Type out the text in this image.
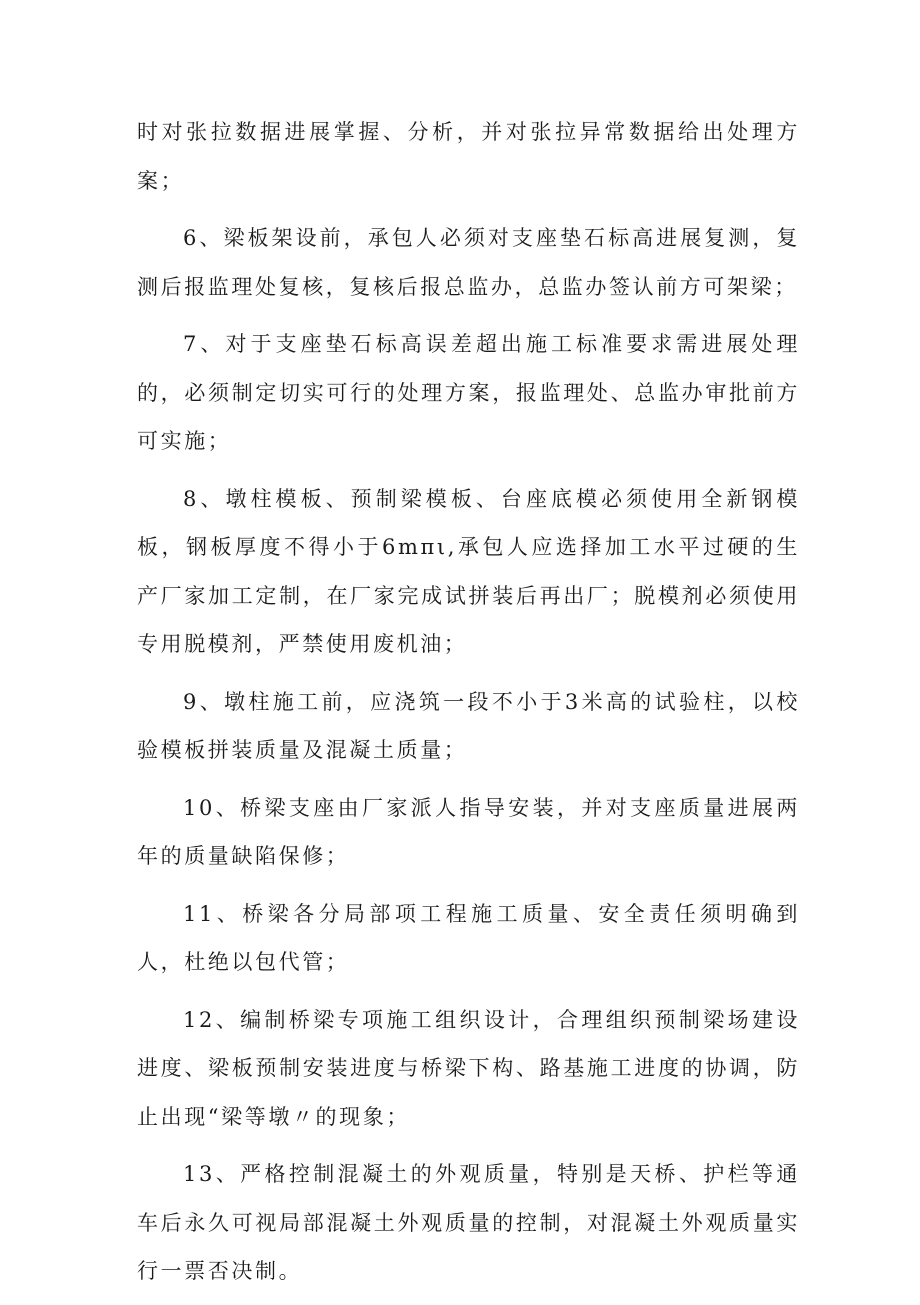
时对张拉数据进展掌握、分析，并对张拉异常数据给出处理方案；

6、梁板架设前，承包人必须对支座垫石标高进展复测，复测后报监理处复核，复核后报总监办，总监办签认前方可架梁；

7、对于支座垫石标高误差超出施工标准要求需进展处理的，必须制定切实可行的处理方案，报监理处、总监办审批前方可实施；

8、墩柱模板、预制梁模板、台座底模必须使用全新钢模板，钢板厚度不得小于6mπι,承包人应选择加工水平过硬的生产厂家加工定制，在厂家完成试拼装后再出厂；脱模剂必须使用专用脱模剂，严禁使用废机油；

9、墩柱施工前，应浇筑一段不小于3米高的试验柱，以校验模板拼装质量及混凝土质量；

10、桥梁支座由厂家派人指导安装，并对支座质量进展两年的质量缺陷保修；

11、桥梁各分局部项工程施工质量、安全责任须明确到人，杜绝以包代管；

12、编制桥梁专项施工组织设计，合理组织预制梁场建设进度、梁板预制安装进度与桥梁下构、路基施工进度的协调，防止出现“梁等墩〃的现象；

13、严格控制混凝土的外观质量，特别是天桥、护栏等通车后永久可视局部混凝土外观质量的控制，对混凝土外观质量实行一票否决制。
